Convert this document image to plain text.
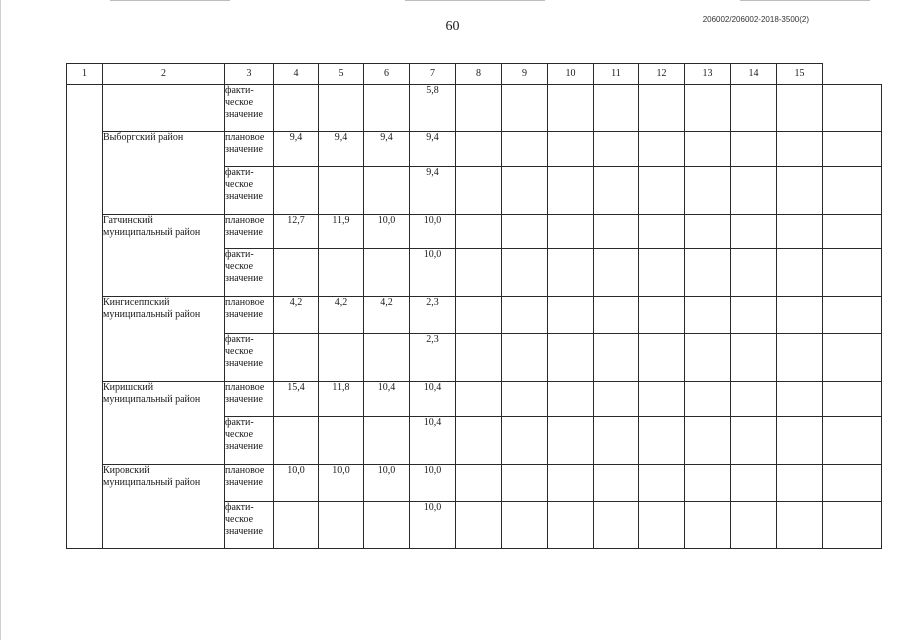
60	206002/206002-2018-3500(2)
1	2	3	4	5	6	7	8	9	10	11	12	13	14	15	

		факти-
ческое
значение				5,8									

	Выборгский район	плановое
значение	9,4	9,4	9,4	9,4									

		факти-
ческое
значение				9,4									

	Гатчинский
муниципальный район	плановое
значение	12,7	11,9	10,0	10,0									

		факти-
ческое
значение				10,0									

	Кингисеппский
муниципальный район	плановое
значение	4,2	4,2	4,2	2,3									

		факти-
ческое
значение				2,3									

	Киришский
муниципальный район	плановое
значение	15,4	11,8	10,4	10,4									

		факти-
ческое
значение				10,4									

	Кировский
муниципальный район	плановое
значение	10,0	10,0	10,0	10,0									

		факти-
ческое
значение				10,0									
